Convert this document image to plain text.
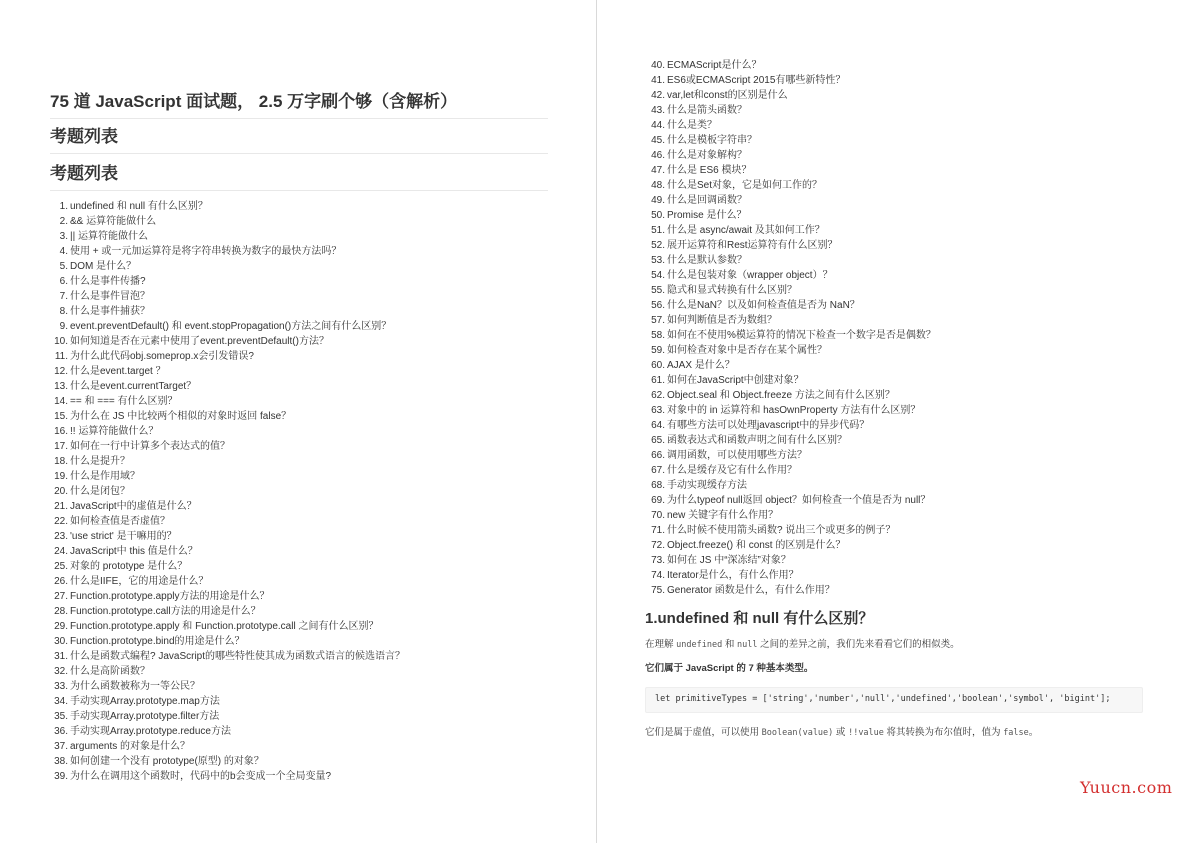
75 道 JavaScript 面试题， 2.5 万字刷个够（含解析）
考题列表
考题列表
1. undefined 和 null 有什么区别？
2. && 运算符能做什么
3. || 运算符能做什么
4. 使用 + 或一元加运算符是将字符串转换为数字的最快方法吗？
5. DOM 是什么？
6. 什么是事件传播?
7. 什么是事件冒泡？
8. 什么是事件捕获？
9. event.preventDefault() 和 event.stopPropagation()方法之间有什么区别？
10. 如何知道是否在元素中使用了event.preventDefault()方法？
11. 为什么此代码obj.someprop.x会引发错误?
12. 什么是event.target ？
13. 什么是event.currentTarget？
14. == 和 === 有什么区别？
15. 为什么在 JS 中比较两个相似的对象时返回 false？
16. !! 运算符能做什么？
17. 如何在一行中计算多个表达式的值？
18. 什么是提升？
19. 什么是作用域？
20. 什么是闭包？
21. JavaScript中的虚值是什么？
22. 如何检查值是否虚值？
23. 'use strict' 是干嘛用的？
24. JavaScript中 this 值是什么？
25. 对象的 prototype 是什么？
26. 什么是IIFE，它的用途是什么？
27. Function.prototype.apply方法的用途是什么？
28. Function.prototype.call方法的用途是什么？
29. Function.prototype.apply 和 Function.prototype.call 之间有什么区别？
30. Function.prototype.bind的用途是什么？
31. 什么是函数式编程? JavaScript的哪些特性使其成为函数式语言的候选语言？
32. 什么是高阶函数？
33. 为什么函数被称为一等公民？
34. 手动实现Array.prototype.map方法
35. 手动实现Array.prototype.filter方法
36. 手动实现Array.prototype.reduce方法
37. arguments 的对象是什么？
38. 如何创建一个没有 prototype(原型) 的对象？
39. 为什么在调用这个函数时，代码中的b会变成一个全局变量?
40. ECMAScript是什么？
41. ES6或ECMAScript 2015有哪些新特性？
42. var,let和const的区别是什么
43. 什么是箭头函数？
44. 什么是类？
45. 什么是模板字符串？
46. 什么是对象解构？
47. 什么是 ES6 模块？
48. 什么是Set对象，它是如何工作的？
49. 什么是回调函数？
50. Promise 是什么？
51. 什么是 async/await 及其如何工作？
52. 展开运算符和Rest运算符有什么区别？
53. 什么是默认参数？
54. 什么是包装对象（wrapper object）？
55. 隐式和显式转换有什么区别？
56. 什么是NaN？以及如何检查值是否为 NaN？
57. 如何判断值是否为数组？
58. 如何在不使用%模运算符的情况下检查一个数字是否是偶数？
59. 如何检查对象中是否存在某个属性？
60. AJAX 是什么？
61. 如何在JavaScript中创建对象？
62. Object.seal 和 Object.freeze 方法之间有什么区别？
63. 对象中的 in 运算符和 hasOwnProperty 方法有什么区别？
64. 有哪些方法可以处理javascript中的异步代码？
65. 函数表达式和函数声明之间有什么区别？
66. 调用函数，可以使用哪些方法？
67. 什么是缓存及它有什么作用？
68. 手动实现缓存方法
69. 为什么typeof null返回 object？如何检查一个值是否为 null？
70. new 关键字有什么作用？
71. 什么时候不使用箭头函数? 说出三个或更多的例子？
72. Object.freeze() 和 const 的区别是什么？
73. 如何在 JS 中“深冻结”对象？
74. Iterator是什么，有什么作用？
75. Generator 函数是什么，有什么作用？
1.undefined 和 null 有什么区别？

在理解 undefined 和 null 之间的差异之前，我们先来看看它们的相似类。

它们属于 JavaScript 的 7 种基本类型。

let primitiveTypes = ['string','number','null','undefined','boolean','symbol', 'bigint'];

它们是属于虚值，可以使用 Boolean(value) 或 !!value 将其转换为布尔值时，值为 false。

Yuucn.com
